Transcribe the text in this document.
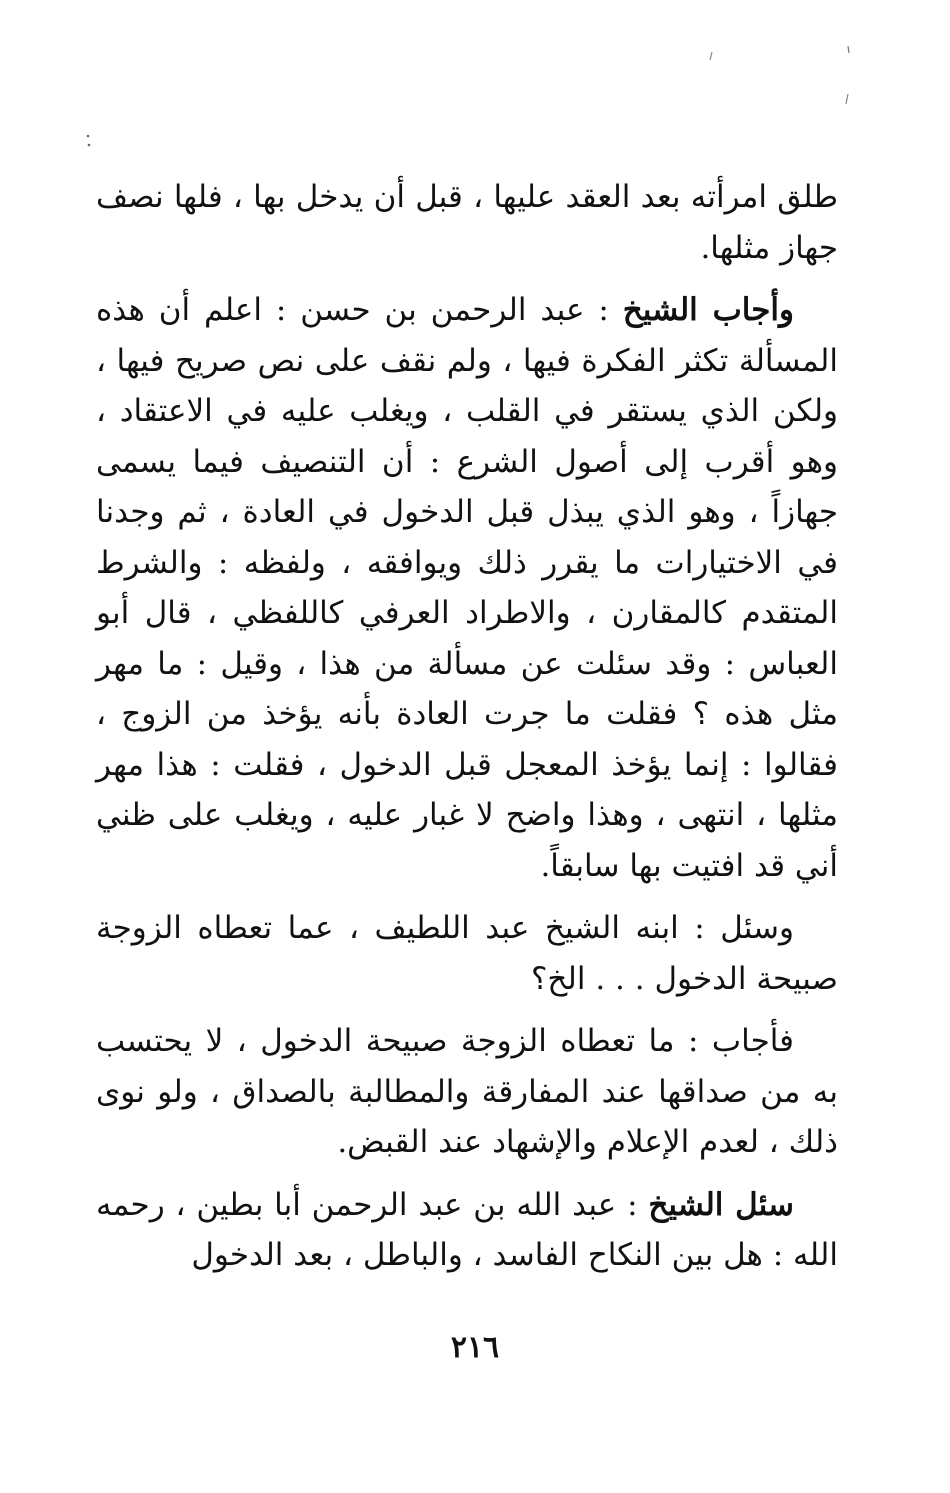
طلق امرأته بعد العقد عليها ، قبل أن يدخل بها ، فلها نصف جهاز مثلها.

وأجاب الشيخ : عبد الرحمن بن حسن : اعلم أن هذه المسألة تكثر الفكرة فيها ، ولم نقف على نص صريح فيها ، ولكن الذي يستقر في القلب ، ويغلب عليه في الاعتقاد ، وهو أقرب إلى أصول الشرع : أن التنصيف فيما يسمى جهازاً ، وهو الذي يبذل قبل الدخول في العادة ، ثم وجدنا في الاختيارات ما يقرر ذلك ويوافقه ، ولفظه : والشرط المتقدم كالمقارن ، والاطراد العرفي كاللفظي ، قال أبو العباس : وقد سئلت عن مسألة من هذا ، وقيل : ما مهر مثل هذه ؟ فقلت ما جرت العادة بأنه يؤخذ من الزوج ، فقالوا : إنما يؤخذ المعجل قبل الدخول ، فقلت : هذا مهر مثلها ، انتهى ، وهذا واضح لا غبار عليه ، ويغلب على ظني أني قد افتيت بها سابقاً.

وسئل : ابنه الشيخ عبد اللطيف ، عما تعطاه الزوجة صبيحة الدخول . . . الخ؟

فأجاب : ما تعطاه الزوجة صبيحة الدخول ، لا يحتسب به من صداقها عند المفارقة والمطالبة بالصداق ، ولو نوى ذلك ، لعدم الإعلام والإشهاد عند القبض.

سئل الشيخ : عبد الله بن عبد الرحمن أبا بطين ، رحمه الله : هل بين النكاح الفاسد ، والباطل ، بعد الدخول

٢١٦
